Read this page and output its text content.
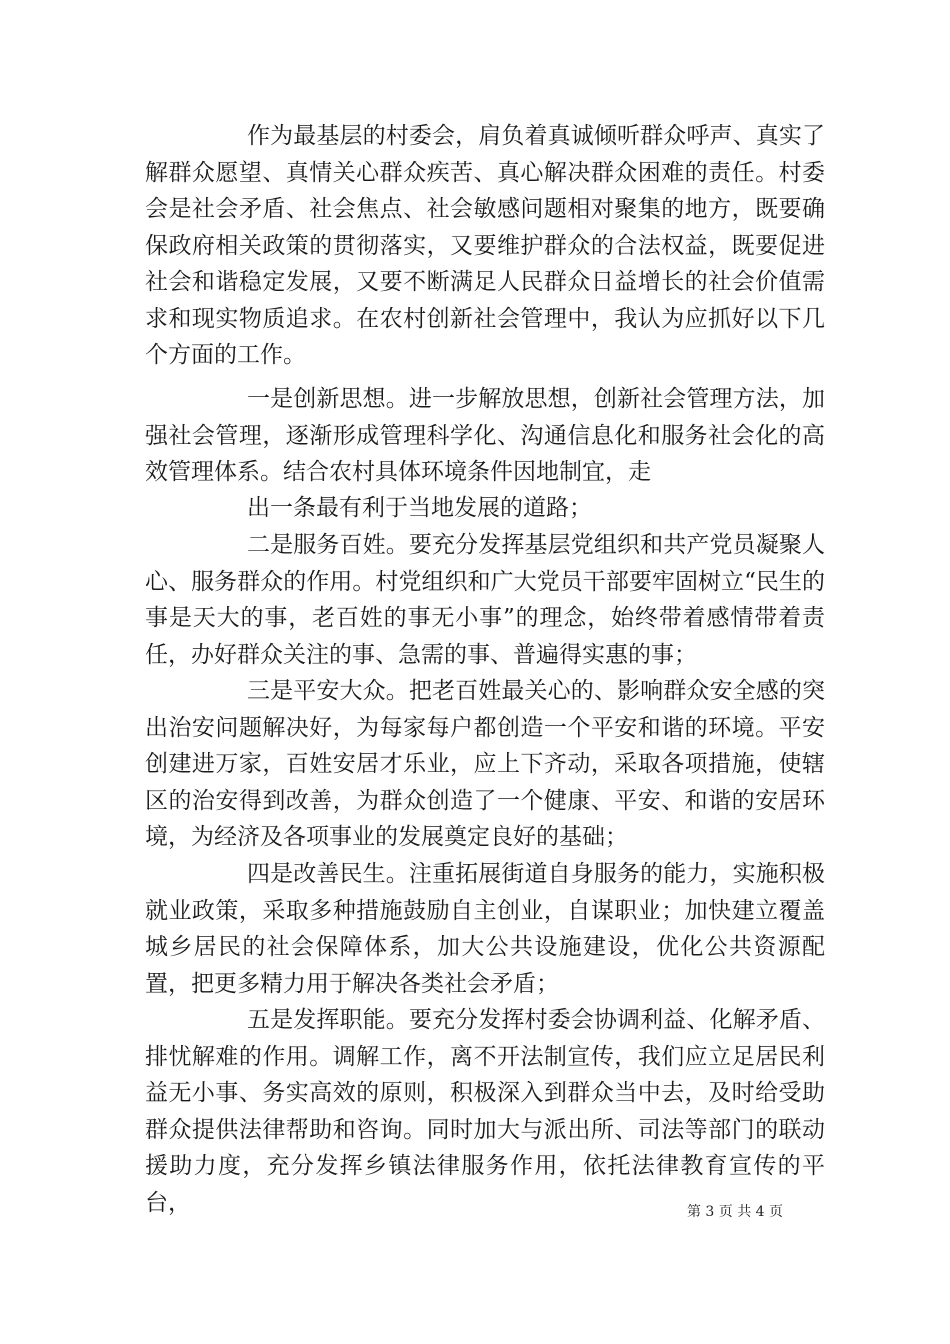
作为最基层的村委会，肩负着真诚倾听群众呼声、真实了解群众愿望、真情关心群众疾苦、真心解决群众困难的责任。村委会是社会矛盾、社会焦点、社会敏感问题相对聚集的地方，既要确保政府相关政策的贯彻落实，又要维护群众的合法权益，既要促进社会和谐稳定发展，又要不断满足人民群众日益增长的社会价值需求和现实物质追求。在农村创新社会管理中，我认为应抓好以下几个方面的工作。

一是创新思想。进一步解放思想，创新社会管理方法，加强社会管理，逐渐形成管理科学化、沟通信息化和服务社会化的高效管理体系。结合农村具体环境条件因地制宜，走

出一条最有利于当地发展的道路；

二是服务百姓。要充分发挥基层党组织和共产党员凝聚人心、服务群众的作用。村党组织和广大党员干部要牢固树立“民生的事是天大的事，老百姓的事无小事”的理念，始终带着感情带着责任，办好群众关注的事、急需的事、普遍得实惠的事；

三是平安大众。把老百姓最关心的、影响群众安全感的突出治安问题解决好，为每家每户都创造一个平安和谐的环境。平安创建进万家，百姓安居才乐业，应上下齐动，采取各项措施，使辖区的治安得到改善，为群众创造了一个健康、平安、和谐的安居环境，为经济及各项事业的发展奠定良好的基础；

四是改善民生。注重拓展街道自身服务的能力，实施积极就业政策，采取多种措施鼓励自主创业，自谋职业；加快建立覆盖城乡居民的社会保障体系，加大公共设施建设，优化公共资源配置，把更多精力用于解决各类社会矛盾；

五是发挥职能。要充分发挥村委会协调利益、化解矛盾、排忧解难的作用。调解工作，离不开法制宣传，我们应立足居民利益无小事、务实高效的原则，积极深入到群众当中去，及时给受助群众提供法律帮助和咨询。同时加大与派出所、司法等部门的联动援助力度，充分发挥乡镇法律服务作用，依托法律教育宣传的平台，	第 3 页 共 4 页
